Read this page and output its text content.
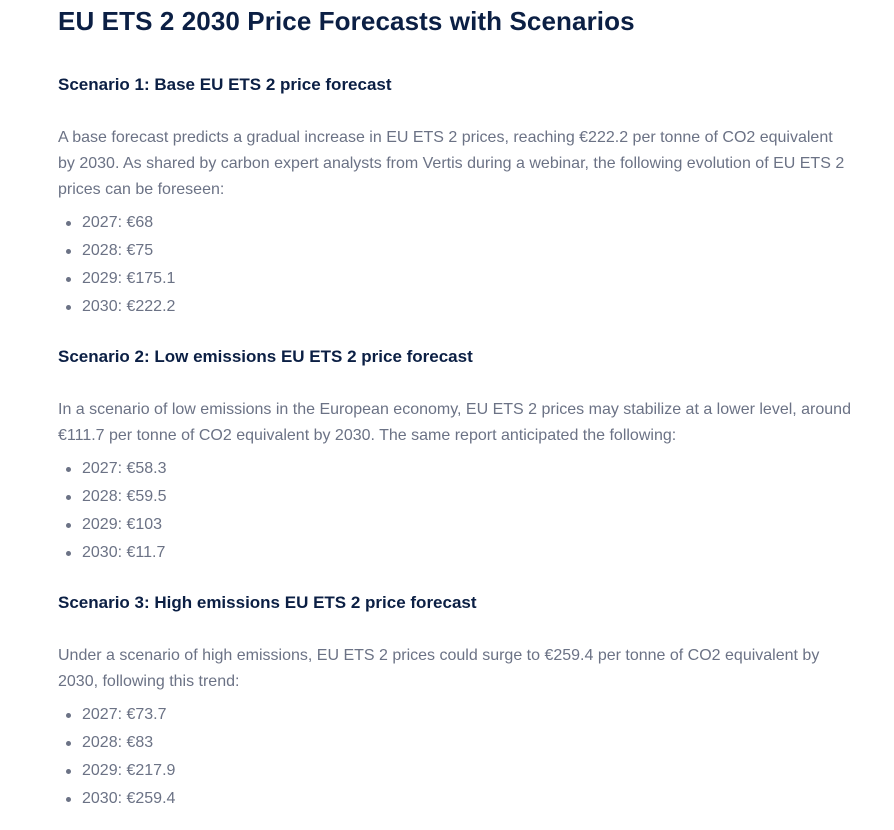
EU ETS 2 2030 Price Forecasts with Scenarios
Scenario 1: Base EU ETS 2 price forecast

A base forecast predicts a gradual increase in EU ETS 2 prices, reaching €222.2 per tonne of CO2 equivalent by 2030. As shared by carbon expert analysts from Vertis during a webinar, the following evolution of EU ETS 2 prices can be foreseen:

2027: €68
2028: €75
2029: €175.1
2030: €222.2
Scenario 2: Low emissions EU ETS 2 price forecast

In a scenario of low emissions in the European economy, EU ETS 2 prices may stabilize at a lower level, around €111.7 per tonne of CO2 equivalent by 2030. The same report anticipated the following:

2027: €58.3
2028: €59.5
2029: €103
2030: €11.7
Scenario 3: High emissions EU ETS 2 price forecast

Under a scenario of high emissions, EU ETS 2 prices could surge to €259.4 per tonne of CO2 equivalent by 2030, following this trend:

2027: €73.7
2028: €83
2029: €217.9
2030: €259.4
